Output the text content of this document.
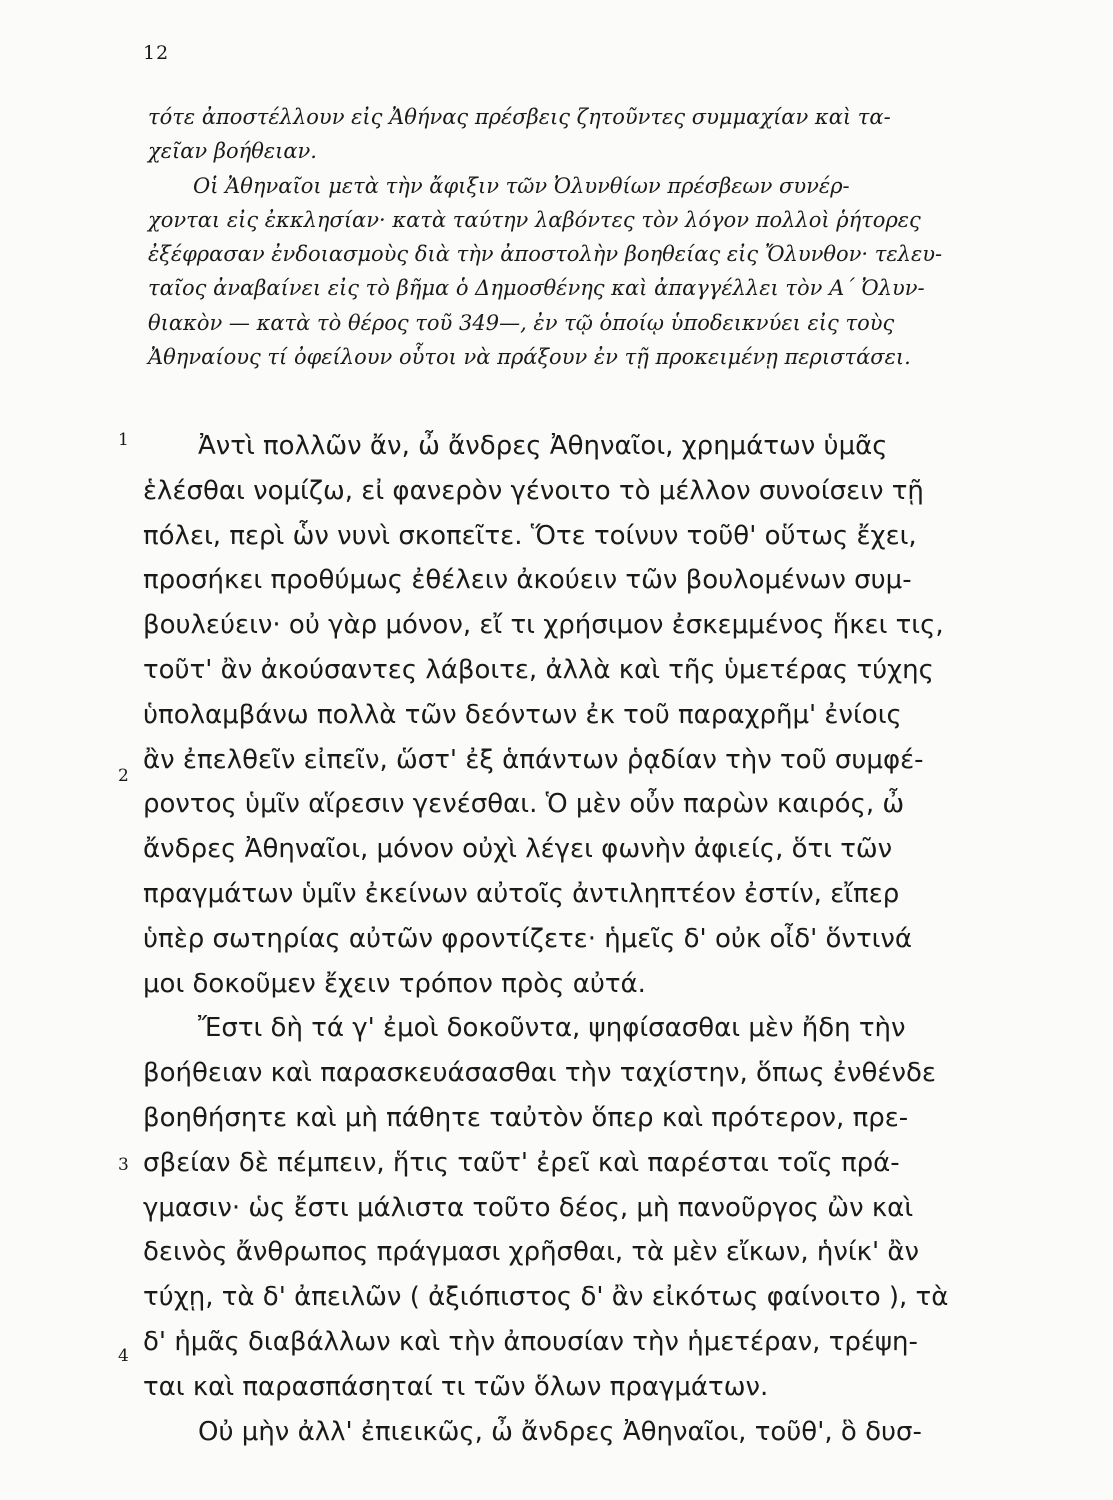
12
τότε ἀποστέλλουν εἰς Ἀθήνας πρέσβεις ζητοῦντες συμμαχίαν καὶ τα-
χεῖαν βοήθειαν.
Οἱ Ἀθηναῖοι μετὰ τὴν ἄφιξιν τῶν Ὀλυνθίων πρέσβεων συνέρ-
χονται εἰς ἐκκλησίαν· κατὰ ταύτην λαβόντες τὸν λόγον πολλοὶ ῥήτορες
ἐξέφρασαν ἐνδοιασμοὺς διὰ τὴν ἀποστολὴν βοηθείας εἰς Ὄλυνθον· τελευ-
ταῖος ἀναβαίνει εἰς τὸ βῆμα ὁ Δημοσθένης καὶ ἀπαγγέλλει τὸν Α΄ Ὀλυν-
θιακὸν — κατὰ τὸ θέρος τοῦ 349—, ἐν τῷ ὁποίῳ ὑποδεικνύει εἰς τοὺς
Ἀθηναίους τί ὀφείλουν οὗτοι νὰ πράξουν ἐν τῇ προκειμένῃ περιστάσει.
1
2
3
4
Ἀντὶ πολλῶν ἄν, ὦ ἄνδρες Ἀθηναῖοι, χρημάτων ὑμᾶς
ἑλέσθαι νομίζω, εἰ φανερὸν γένοιτο τὸ μέλλον συνοίσειν τῇ
πόλει, περὶ ὧν νυνὶ σκοπεῖτε. Ὅτε τοίνυν τοῦθ' οὕτως ἔχει,
προσήκει προθύμως ἐθέλειν ἀκούειν τῶν βουλομένων συμ-
βουλεύειν· οὐ γὰρ μόνον, εἴ τι χρήσιμον ἐσκεμμένος ἥκει τις,
τοῦτ' ἂν ἀκούσαντες λάβοιτε, ἀλλὰ καὶ τῆς ὑμετέρας τύχης
ὑπολαμβάνω πολλὰ τῶν δεόντων ἐκ τοῦ παραχρῆμ' ἐνίοις
ἂν ἐπελθεῖν εἰπεῖν, ὥστ' ἐξ ἁπάντων ῥᾳδίαν τὴν τοῦ συμφέ-
ροντος ὑμῖν αἵρεσιν γενέσθαι. Ὁ μὲν οὖν παρὼν καιρός, ὦ
ἄνδρες Ἀθηναῖοι, μόνον οὐχὶ λέγει φωνὴν ἀφιείς, ὅτι τῶν
πραγμάτων ὑμῖν ἐκείνων αὐτοῖς ἀντιληπτέον ἐστίν, εἴπερ
ὑπὲρ σωτηρίας αὐτῶν φροντίζετε· ἡμεῖς δ' οὐκ οἶδ' ὅντινά
μοι δοκοῦμεν ἔχειν τρόπον πρὸς αὐτά.
Ἔστι δὴ τά γ' ἐμοὶ δοκοῦντα, ψηφίσασθαι μὲν ἤδη τὴν
βοήθειαν καὶ παρασκευάσασθαι τὴν ταχίστην, ὅπως ἐνθένδε
βοηθήσητε καὶ μὴ πάθητε ταὐτὸν ὅπερ καὶ πρότερον, πρε-
σβείαν δὲ πέμπειν, ἥτις ταῦτ' ἐρεῖ καὶ παρέσται τοῖς πρά-
γμασιν· ὡς ἔστι μάλιστα τοῦτο δέος, μὴ πανοῦργος ὢν καὶ
δεινὸς ἄνθρωπος πράγμασι χρῆσθαι, τὰ μὲν εἴκων, ἡνίκ' ἂν
τύχῃ, τὰ δ' ἀπειλῶν ( ἀξιόπιστος δ' ἂν εἰκότως φαίνοιτο ), τὰ
δ' ἡμᾶς διαβάλλων καὶ τὴν ἀπουσίαν τὴν ἡμετέραν, τρέψη-
ται καὶ παρασπάσηταί τι τῶν ὅλων πραγμάτων.
Οὐ μὴν ἀλλ' ἐπιεικῶς, ὦ ἄνδρες Ἀθηναῖοι, τοῦθ', ὃ δυσ-
